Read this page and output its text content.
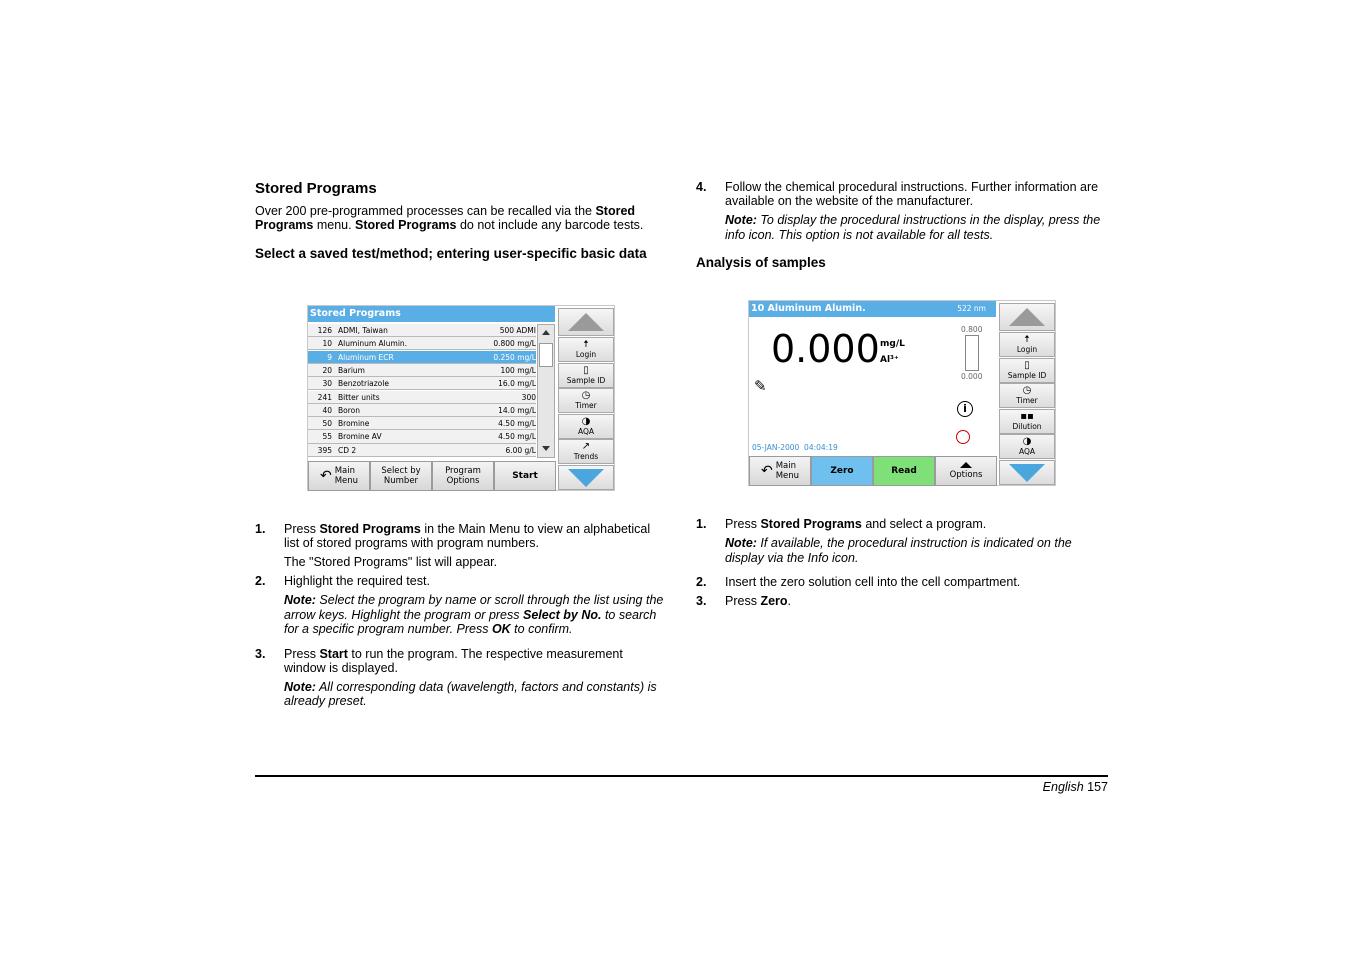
Stored Programs

Over 200 pre-programmed processes can be recalled via the Stored Programs menu. Stored Programs do not include any barcode tests.

Select a saved test/method; entering user-specific basic data
Stored Programs
126 ADMI, Taiwan	500 ADMI
10 Aluminum Alumin.	0.800 mg/L
9 Aluminum ECR	0.250 mg/L
20 Barium	100 mg/L
30 Benzotriazole	16.0 mg/L
241 Bitter units	300
40 Boron	14.0 mg/L
50 Bromine	4.50 mg/L
55 Bromine AV	4.50 mg/L
395 CD 2	6.00 g/L
↶ Main
Menu
Select by
Number
Program
Options	Start
🠅
Login
▯
Sample ID
◷
Timer
◑
AQA
↗
Trends
1. Press Stored Programs in the Main Menu to view an alphabetical list of stored programs with program numbers.
The "Stored Programs" list will appear.
2. Highlight the required test.
Note: Select the program by name or scroll through the list using the arrow keys. Highlight the program or press Select by No. to search for a specific program number. Press OK to confirm.
3. Press Start to run the program. The respective measurement window is displayed.
Note: All corresponding data (wavelength, factors and constants) is already preset.
4. Follow the chemical procedural instructions. Further information are available on the website of the manufacturer.
Note: To display the procedural instructions in the display, press the info icon. This option is not available for all tests.
Analysis of samples
10 Aluminum Alumin.	522 nm
0.000 mg/L
Al³⁺
0.800
0.000
✎
i
05-JAN-2000  04:04:19
↶ Main
Menu	Zero	Read	Options
🠅
Login
▯
Sample ID
◷
Timer
▪▪
Dilution
◑
AQA
1. Press Stored Programs and select a program.
Note: If available, the procedural instruction is indicated on the display via the Info icon.
2. Insert the zero solution cell into the cell compartment.
3. Press Zero.
English 157
